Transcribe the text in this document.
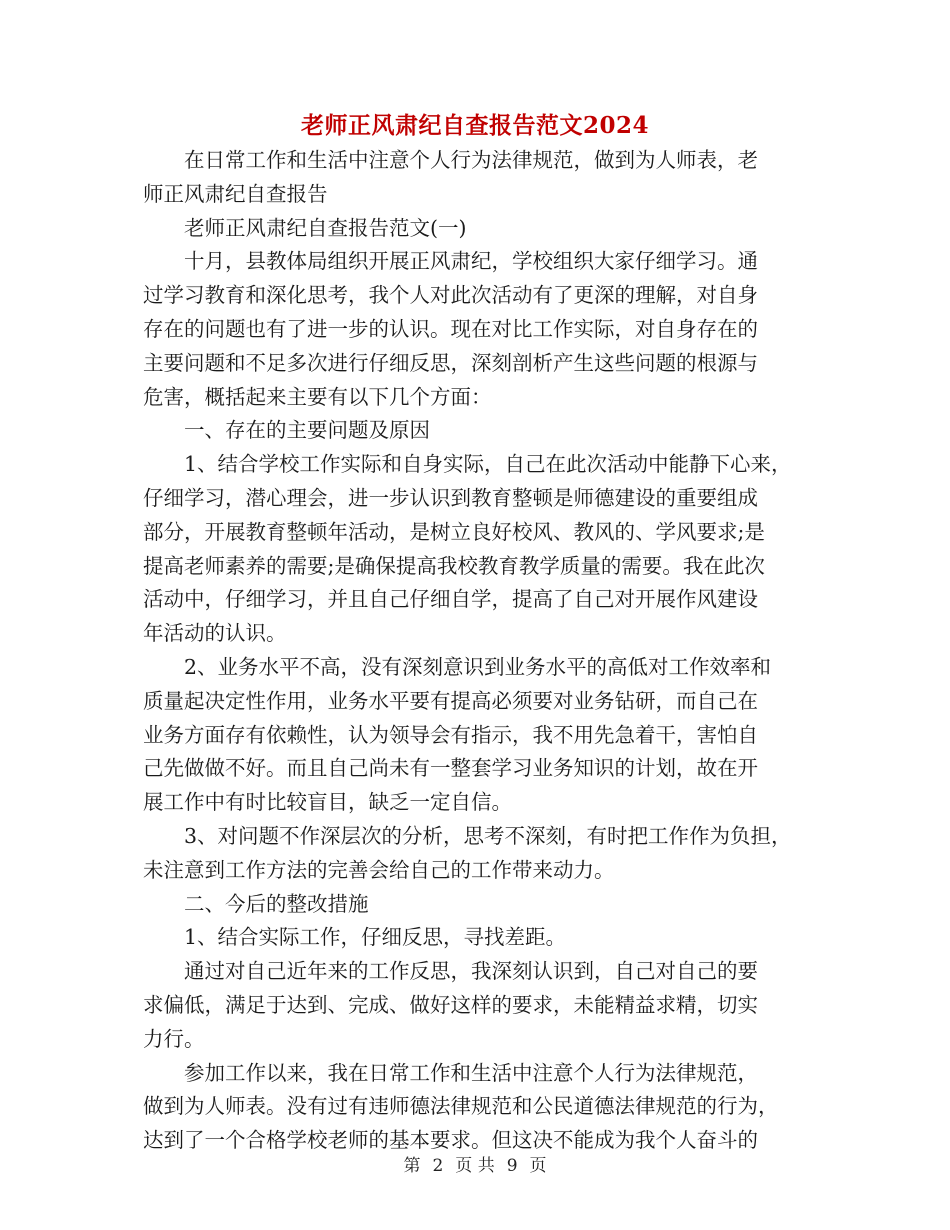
老师正风肃纪自查报告范文2024
在日常工作和生活中注意个人行为法律规范，做到为人师表，老
师正风肃纪自查报告
老师正风肃纪自查报告范文(一)
十月，县教体局组织开展正风肃纪，学校组织大家仔细学习。通
过学习教育和深化思考，我个人对此次活动有了更深的理解，对自身
存在的问题也有了进一步的认识。现在对比工作实际，对自身存在的
主要问题和不足多次进行仔细反思，深刻剖析产生这些问题的根源与
危害，概括起来主要有以下几个方面：
一、存在的主要问题及原因
1、结合学校工作实际和自身实际，自己在此次活动中能静下心来，
仔细学习，潜心理会，进一步认识到教育整顿是师德建设的重要组成
部分，开展教育整顿年活动，是树立良好校风、教风的、学风要求;是
提高老师素养的需要;是确保提高我校教育教学质量的需要。我在此次
活动中，仔细学习，并且自己仔细自学，提高了自己对开展作风建设
年活动的认识。
2、业务水平不高，没有深刻意识到业务水平的高低对工作效率和
质量起决定性作用，业务水平要有提高必须要对业务钻研，而自己在
业务方面存有依赖性，认为领导会有指示，我不用先急着干，害怕自
己先做做不好。而且自己尚未有一整套学习业务知识的计划，故在开
展工作中有时比较盲目，缺乏一定自信。
3、对问题不作深层次的分析，思考不深刻，有时把工作作为负担，
未注意到工作方法的完善会给自己的工作带来动力。
二、今后的整改措施
1、结合实际工作，仔细反思，寻找差距。
通过对自己近年来的工作反思，我深刻认识到，自己对自己的要
求偏低，满足于达到、完成、做好这样的要求，未能精益求精，切实
力行。
参加工作以来，我在日常工作和生活中注意个人行为法律规范，
做到为人师表。没有过有违师德法律规范和公民道德法律规范的行为，
达到了一个合格学校老师的基本要求。但这决不能成为我个人奋斗的
第 2 页 共 9 页
